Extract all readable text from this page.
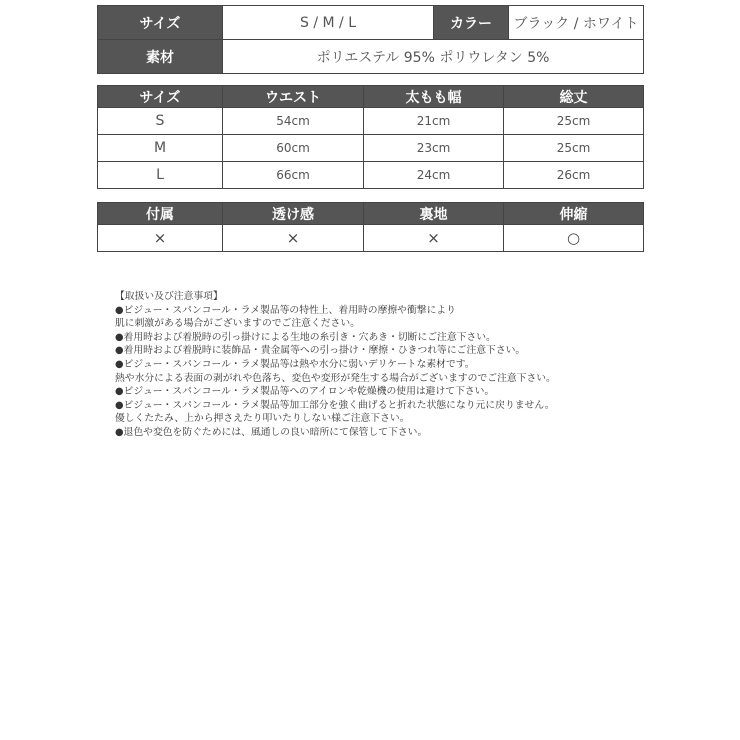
サイズ	S / M / L	カラー	ブラック / ホワイト
素材	ポリエステル 95% ポリウレタン 5%		
サイズ	ウエスト	太もも幅	総丈
S	54cm	21cm	25cm
M	60cm	23cm	25cm
L	66cm	24cm	26cm
付属	透け感	裏地	伸縮
×	×	×	○
【取扱い及び注意事項】
●ビジュー・スパンコール・ラメ製品等の特性上、着用時の摩擦や衝撃により
肌に刺激がある場合がございますのでご注意ください。
●着用時および着脱時の引っ掛けによる生地の糸引き・穴あき・切断にご注意下さい。
●着用時および着脱時に装飾品・貴金属等への引っ掛け・摩擦・ひきつれ等にご注意下さい。
●ビジュー・スパンコール・ラメ製品等は熱や水分に弱いデリケートな素材です。
熱や水分による表面の剥がれや色落ち、変色や変形が発生する場合がございますのでご注意下さい。
●ビジュー・スパンコール・ラメ製品等へのアイロンや乾燥機の使用は避けて下さい。
●ビジュー・スパンコール・ラメ製品等加工部分を強く曲げると折れた状態になり元に戻りません。
優しくたたみ、上から押さえたり叩いたりしない様ご注意下さい。
●退色や変色を防ぐためには、風通しの良い暗所にて保管して下さい。
